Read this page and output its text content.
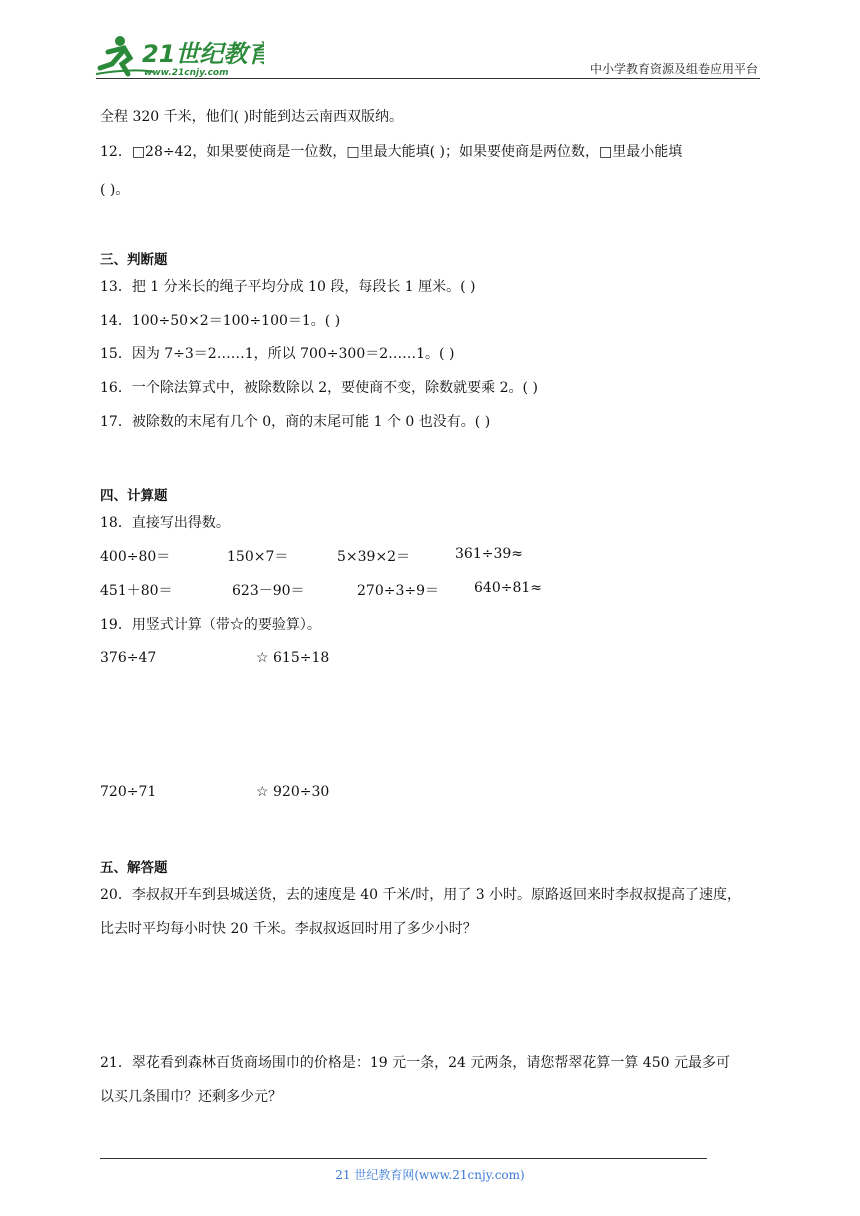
21世纪教育
www.21cnjy.com	中小学教育资源及组卷应用平台
全程 320 千米，他们( )时能到达云南西双版纳。
12．□28÷42，如果要使商是一位数，□里最大能填( )；如果要使商是两位数，□里最小能填
( )。
三、判断题
13．把 1 分米长的绳子平均分成 10 段，每段长 1 厘米。( )
14．100÷50×2＝100÷100＝1。( )
15．因为 7÷3＝2……1，所以 700÷300＝2……1。( )
16．一个除法算式中，被除数除以 2，要使商不变，除数就要乘 2。( )
17．被除数的末尾有几个 0，商的末尾可能 1 个 0 也没有。( )
四、计算题
18．直接写出得数。
400÷80＝	150×7＝	5×39×2＝	361÷39≈
451＋80＝	623－90＝	270÷3÷9＝	640÷81≈
19．用竖式计算（带☆的要验算）。
376÷47	☆ 615÷18
720÷71	☆ 920÷30
五、解答题
20．李叔叔开车到县城送货，去的速度是 40 千米/时，用了 3 小时。原路返回来时李叔叔提高了速度，
比去时平均每小时快 20 千米。李叔叔返回时用了多少小时？
21．翠花看到森林百货商场围巾的价格是：19 元一条，24 元两条，请您帮翠花算一算 450 元最多可
以买几条围巾？还剩多少元？
21 世纪教育网(www.21cnjy.com)
